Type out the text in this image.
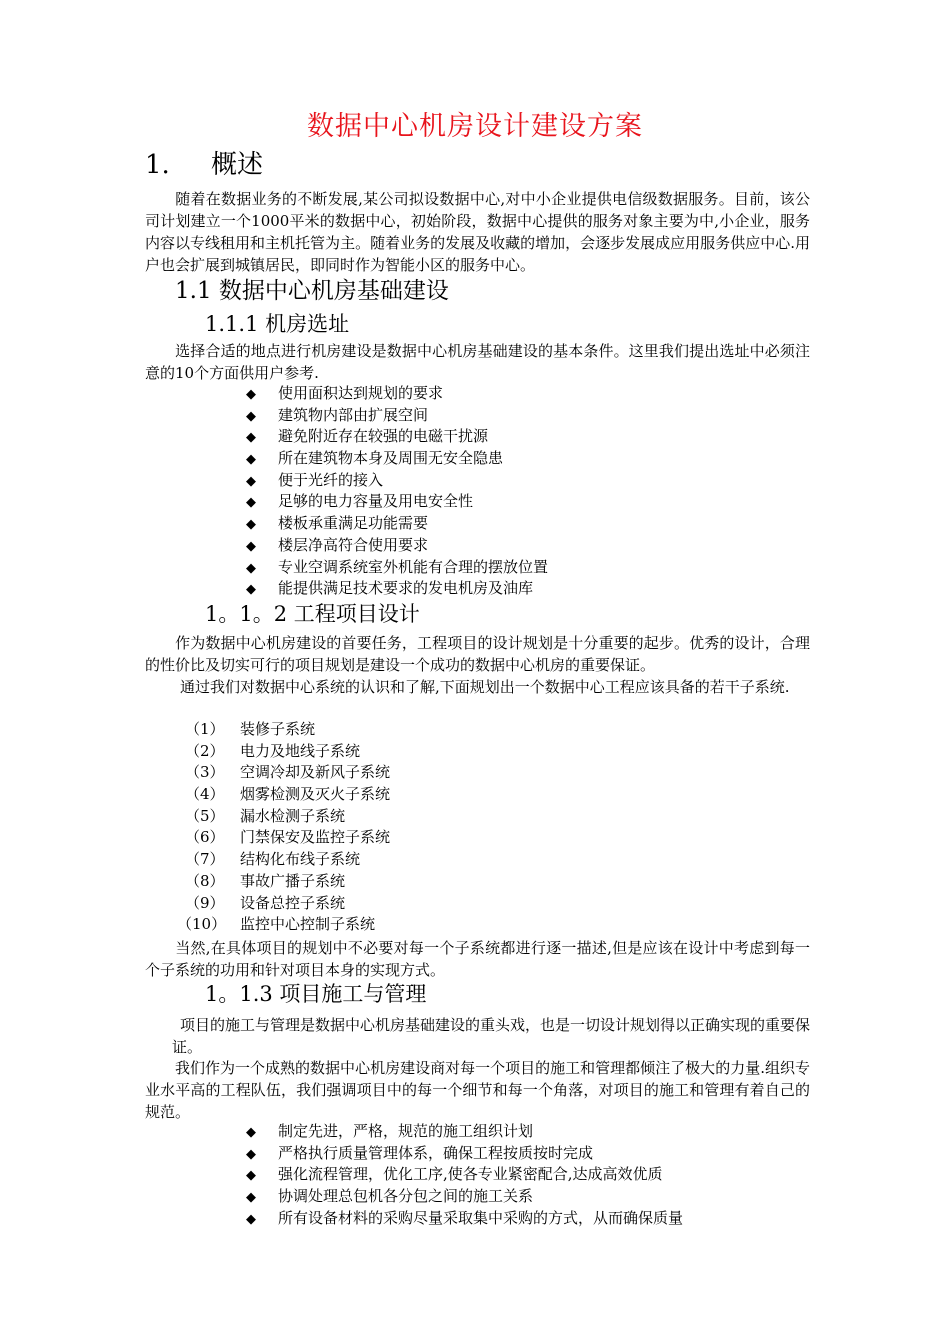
数据中心机房设计建设方案
1. 概述
随着在数据业务的不断发展,某公司拟设数据中心,对中小企业提供电信级数据服务。目前，该公司计划建立一个1000平米的数据中心，初始阶段，数据中心提供的服务对象主要为中,小企业，服务内容以专线租用和主机托管为主。随着业务的发展及收藏的增加，会逐步发展成应用服务供应中心.用户也会扩展到城镇居民，即同时作为智能小区的服务中心。
1.1 数据中心机房基础建设
1.1.1 机房选址
选择合适的地点进行机房建设是数据中心机房基础建设的基本条件。这里我们提出选址中必须注意的10个方面供用户参考.
◆ 使用面积达到规划的要求
◆ 建筑物内部由扩展空间
◆ 避免附近存在较强的电磁干扰源
◆ 所在建筑物本身及周围无安全隐患
◆ 便于光纤的接入
◆ 足够的电力容量及用电安全性
◆ 楼板承重满足功能需要
◆ 楼层净高符合使用要求
◆ 专业空调系统室外机能有合理的摆放位置
◆ 能提供满足技术要求的发电机房及油库
1。1。2 工程项目设计
作为数据中心机房建设的首要任务，工程项目的设计规划是十分重要的起步。优秀的设计，合理的性价比及切实可行的项目规划是建设一个成功的数据中心机房的重要保证。
通过我们对数据中心系统的认识和了解,下面规划出一个数据中心工程应该具备的若干子系统.
（1） 装修子系统
（2） 电力及地线子系统
（3） 空调冷却及新风子系统
（4） 烟雾检测及灭火子系统
（5） 漏水检测子系统
（6） 门禁保安及监控子系统
（7） 结构化布线子系统
（8） 事故广播子系统
（9） 设备总控子系统
（10） 监控中心控制子系统
当然,在具体项目的规划中不必要对每一个子系统都进行逐一描述,但是应该在设计中考虑到每一个子系统的功用和针对项目本身的实现方式。
1。1.3 项目施工与管理
项目的施工与管理是数据中心机房基础建设的重头戏，也是一切设计规划得以正确实现的重要保证。
我们作为一个成熟的数据中心机房建设商对每一个项目的施工和管理都倾注了极大的力量.组织专业水平高的工程队伍，我们强调项目中的每一个细节和每一个角落，对项目的施工和管理有着自己的规范。
◆ 制定先进，严格，规范的施工组织计划
◆ 严格执行质量管理体系，确保工程按质按时完成
◆ 强化流程管理，优化工序,使各专业紧密配合,达成高效优质
◆ 协调处理总包机各分包之间的施工关系
◆ 所有设备材料的采购尽量采取集中采购的方式，从而确保质量
